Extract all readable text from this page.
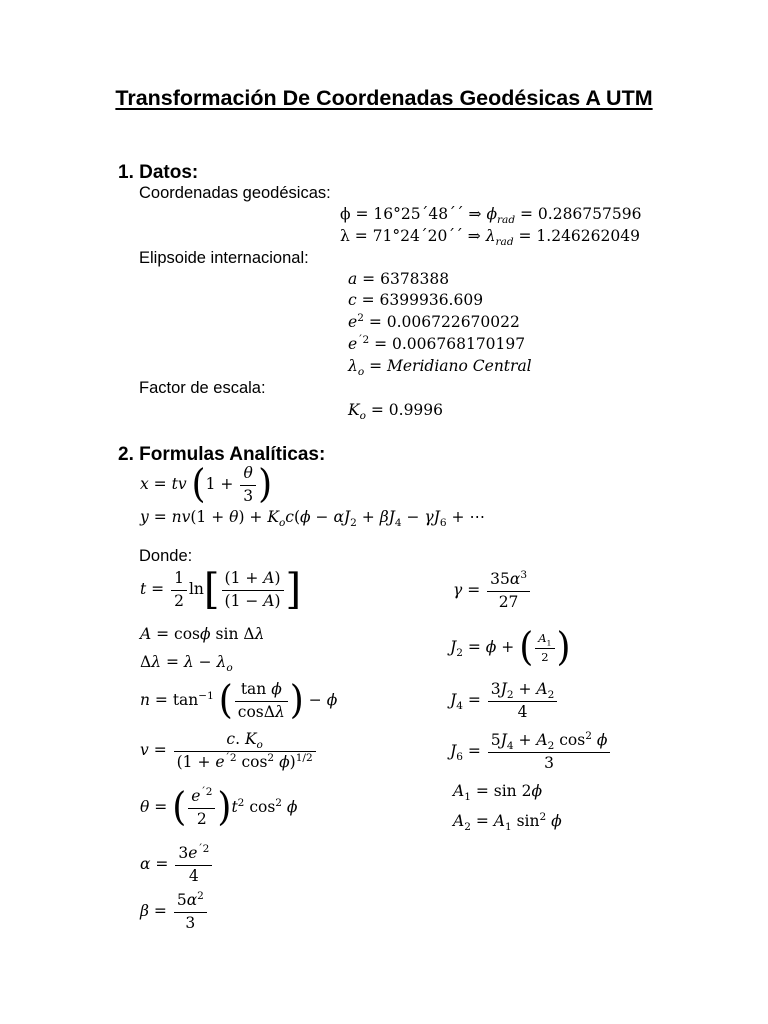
Transformación De Coordenadas Geodésicas A UTM
1. Datos:
Coordenadas geodésicas:
ϕ = 16°25´48´´ ⇒ $\phi_{rad} = 0.286757596$
λ = 71°24´20´´ ⇒ $\lambda_{rad} = 1.246262049$
Elipsoide internacional:
a = 6378388
c = 6399936.609
$e^2 = 0.006722670022$
$e^{´2} = 0.006768170197$
$\lambda_o$ = Meridiano Central
Factor de escala:
$K_o = 0.9996$
2. Formulas Analíticas:
x = tv ($1 + \frac{\theta}{3}$ )
$y = nv(1 + \theta) + K_oc(\phi - \alpha J_2 + \beta J_4 - \gamma J_6$ + ⋯
Donde:
$t = \frac{1}{2} \ln[ \frac{(1 + A)}{(1 - A)}$ ]
A = cosϕ sin Δλ
$\Delta\lambda = \lambda - \lambda_o$
$n = \tan^{-1}$ ( $\frac{\text{tan ϕ}}{\cos\Delta\lambda}$ ) − ϕ
$v = \frac{c. K_o}{(1 + e^{´2} \cos^2 \phi)^{1/2}}$
θ = ( $\frac{e^{´2}}{2} )t^2$ $\cos^2 \phi$
$\alpha = \frac{3e^{´2}}{4}$
$\beta = \frac{5\alpha^2}{3}$
$\gamma = \frac{35\alpha^3}{27}$
$J_2 = \phi$ + ( $\frac{A_1}{2}$ )
$J_4 = \frac{3J_2 + A_2}{4}$
$J_6 = \frac{5J_4 + A_2 \cos^2 \phi}{3}$
$A_1 = \sin 2\phi$
$A_2 = A_1$ $\sin^2 \phi$
